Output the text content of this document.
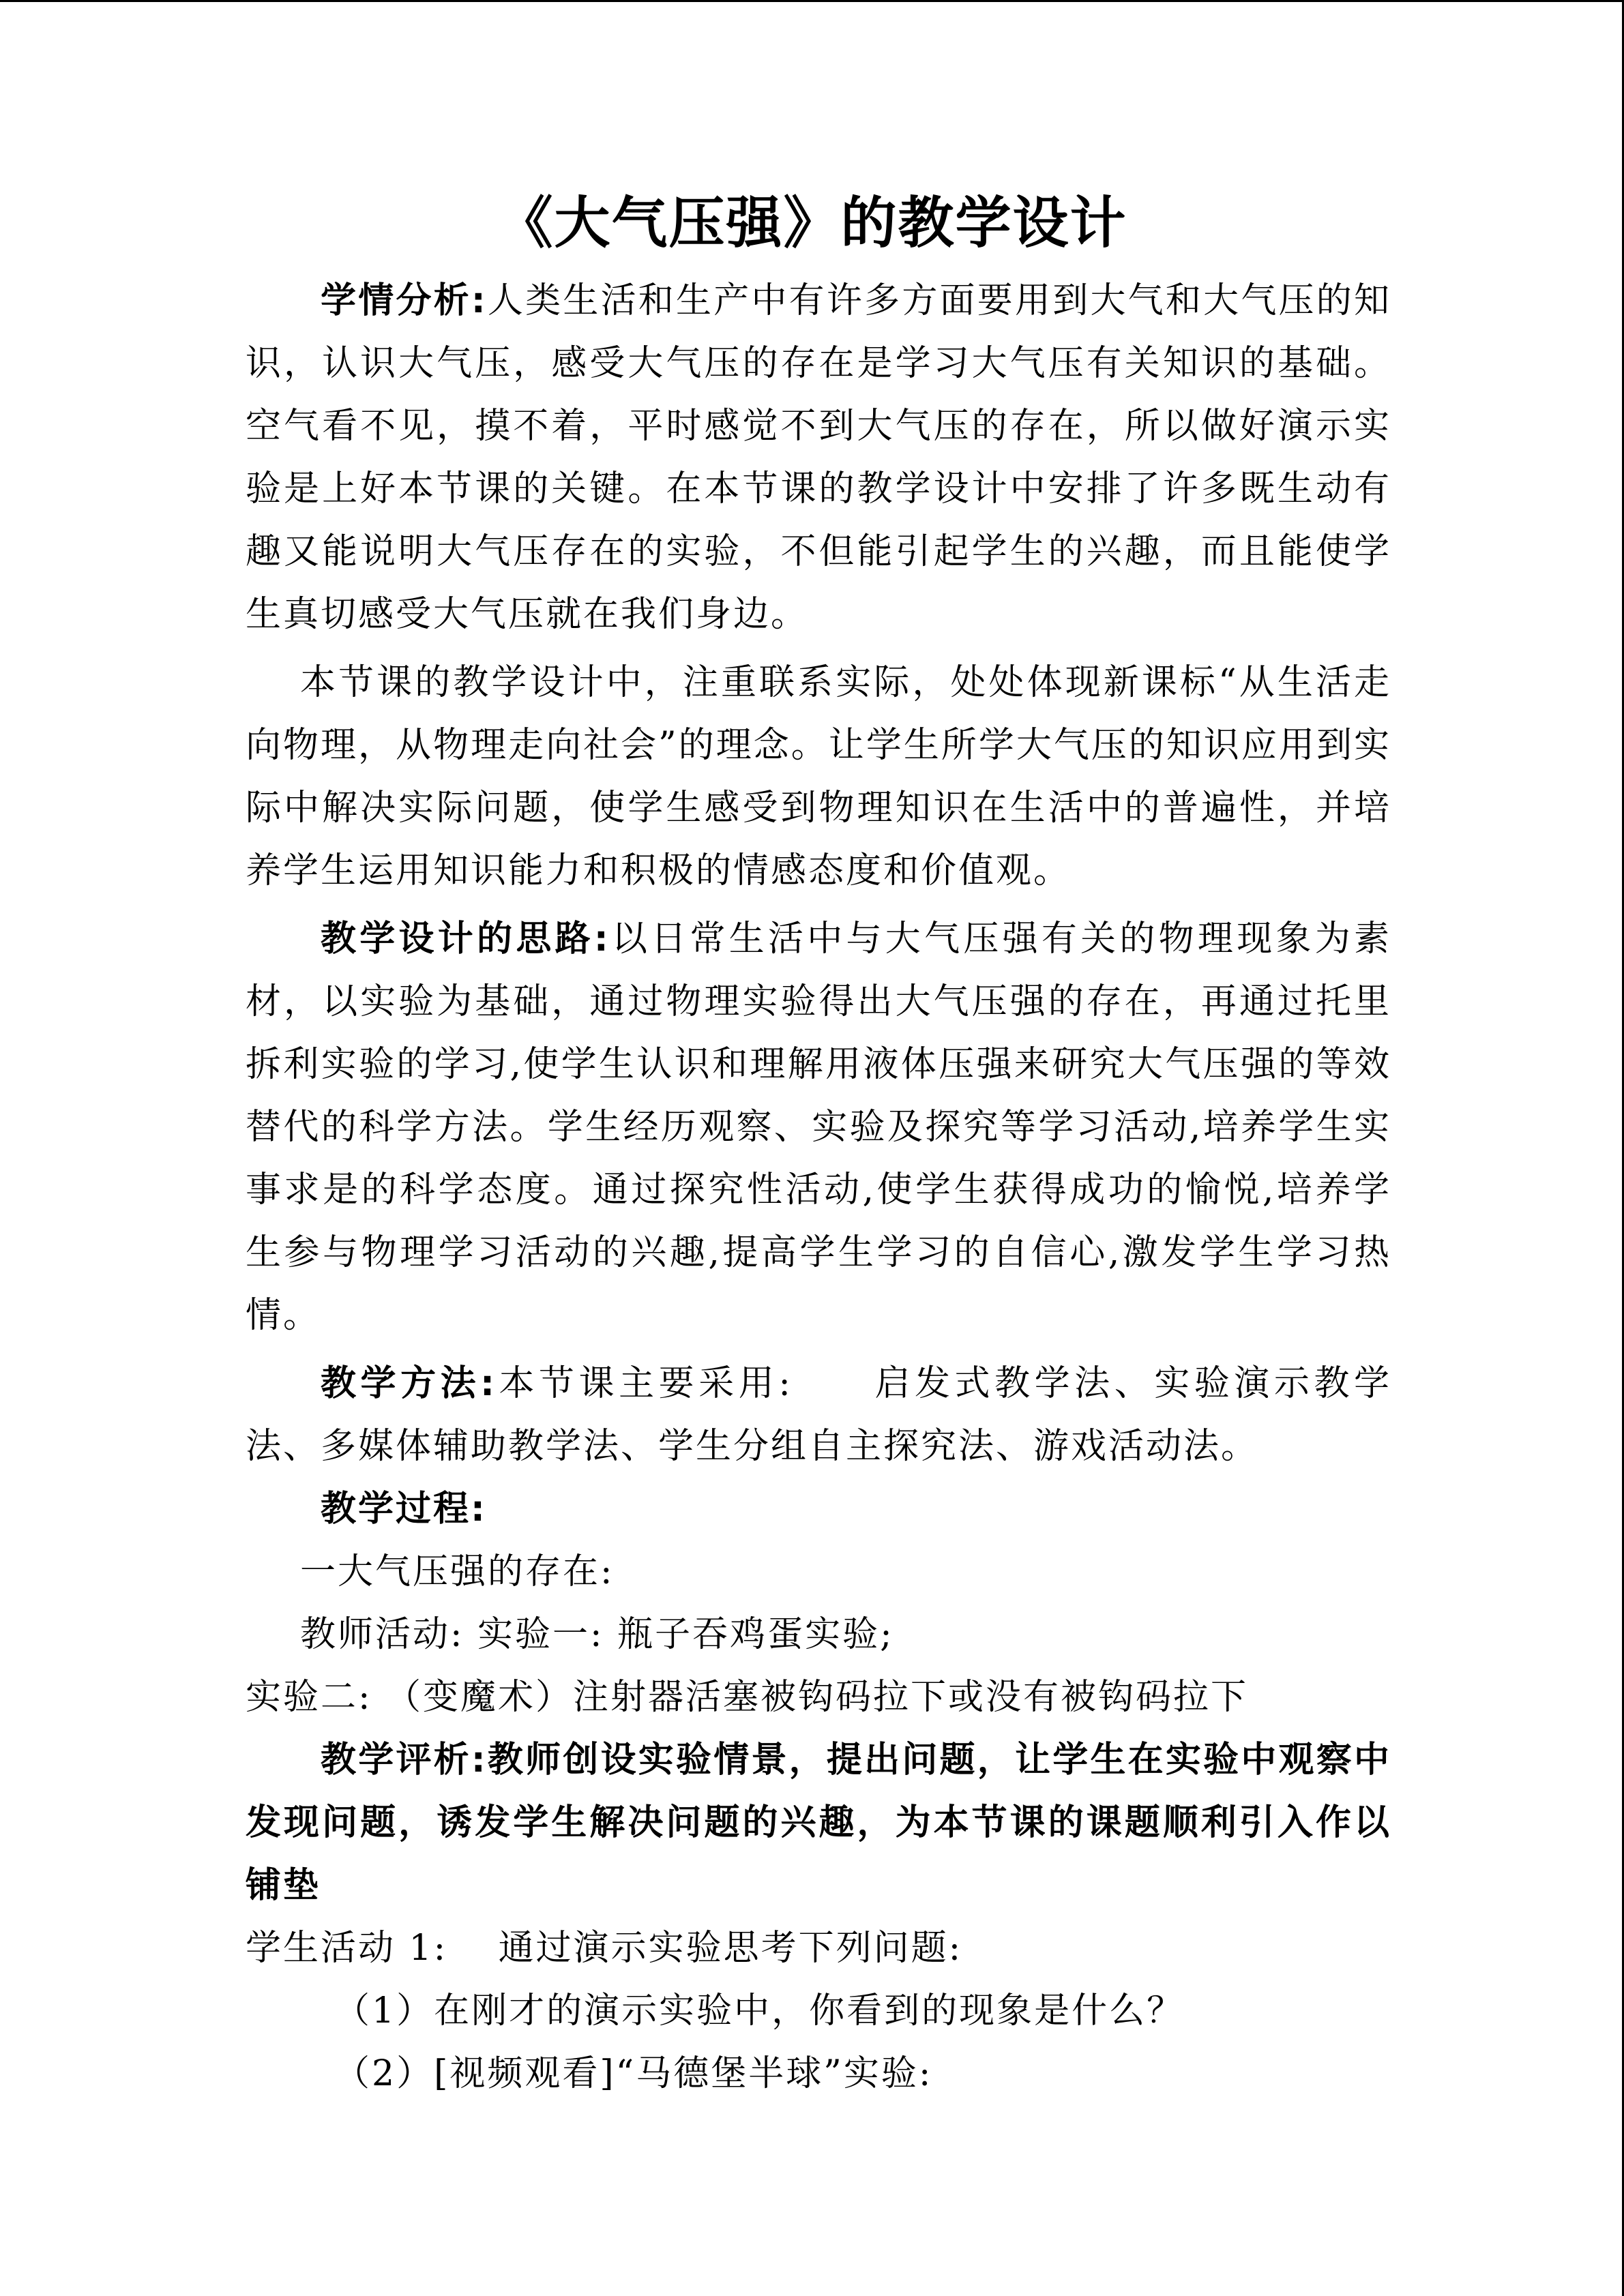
《大气压强》的教学设计

学情分析:人类生活和生产中有许多方面要用到大气和大气压的知识，认识大气压，感受大气压的存在是学习大气压有关知识的基础。空气看不见，摸不着，平时感觉不到大气压的存在，所以做好演示实验是上好本节课的关键。在本节课的教学设计中安排了许多既生动有趣又能说明大气压存在的实验，不但能引起学生的兴趣，而且能使学生真切感受大气压就在我们身边。

本节课的教学设计中，注重联系实际，处处体现新课标“从生活走向物理，从物理走向社会”的理念。让学生所学大气压的知识应用到实际中解决实际问题，使学生感受到物理知识在生活中的普遍性，并培养学生运用知识能力和积极的情感态度和价值观。

教学设计的思路:以日常生活中与大气压强有关的物理现象为素材，以实验为基础，通过物理实验得出大气压强的存在，再通过托里拆利实验的学习,使学生认识和理解用液体压强来研究大气压强的等效替代的科学方法。学生经历观察、实验及探究等学习活动,培养学生实事求是的科学态度。通过探究性活动,使学生获得成功的愉悦,培养学生参与物理学习活动的兴趣,提高学生学习的自信心,激发学生学习热情。

教学方法:本节课主要采用:　　启发式教学法、实验演示教学法、多媒体辅助教学法、学生分组自主探究法、游戏活动法。

教学过程:

一大气压强的存在:

教师活动: 实验一: 瓶子吞鸡蛋实验;

实验二: （变魔术）注射器活塞被钩码拉下或没有被钩码拉下

教学评析:教师创设实验情景，提出问题，让学生在实验中观察中发现问题，诱发学生解决问题的兴趣，为本节课的课题顺利引入作以铺垫

学生活动 1:　 通过演示实验思考下列问题:

（1）在刚才的演示实验中，你看到的现象是什么？

（2）[视频观看]“马德堡半球”实验:
